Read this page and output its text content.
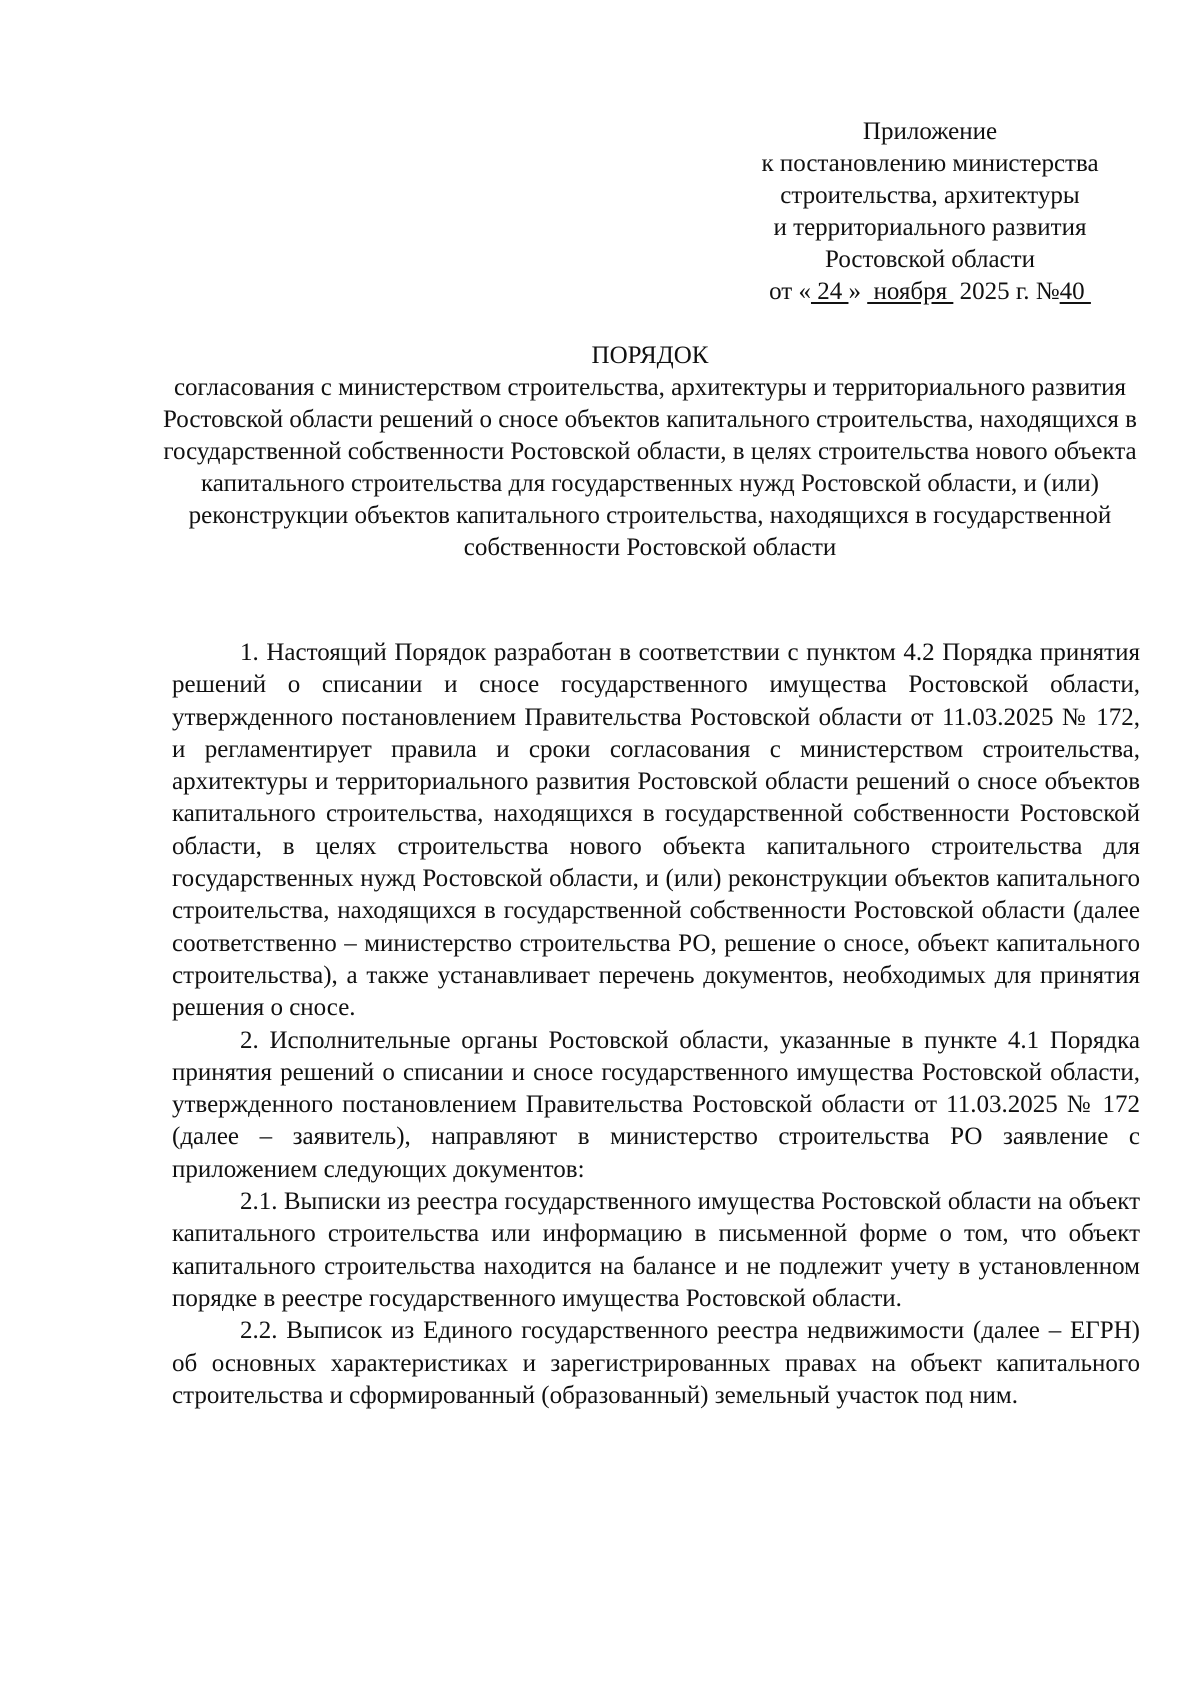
Приложение
к постановлению министерства
строительства, архитектуры
и территориального развития
Ростовской области
от « 24 »  ноября  2025 г. №40
ПОРЯДОК
согласования с министерством строительства, архитектуры и территориального развития Ростовской области решений о сносе объектов капитального строительства, находящихся в государственной собственности Ростовской области, в целях строительства нового объекта капитального строительства для государственных нужд Ростовской области, и (или) реконструкции объектов капитального строительства, находящихся в государственной собственности Ростовской области

1. Настоящий Порядок разработан в соответствии с пунктом 4.2 Порядка принятия решений о списании и сносе государственного имущества Ростовской области, утвержденного постановлением Правительства Ростовской области от 11.03.2025 № 172, и регламентирует правила и сроки согласования с министерством строительства, архитектуры и территориального развития Ростовской области решений о сносе объектов капитального строительства, находящихся в государственной собственности Ростовской области, в целях строительства нового объекта капитального строительства для государственных нужд Ростовской области, и (или) реконструкции объектов капитального строительства, находящихся в государственной собственности Ростовской области (далее соответственно – министерство строительства РО, решение о сносе, объект капитального строительства), а также устанавливает перечень документов, необходимых для принятия решения о сносе.

2. Исполнительные органы Ростовской области, указанные в пункте 4.1 Порядка принятия решений о списании и сносе государственного имущества Ростовской области, утвержденного постановлением Правительства Ростовской области от 11.03.2025 № 172 (далее – заявитель), направляют в министерство строительства РО заявление с приложением следующих документов:

2.1. Выписки из реестра государственного имущества Ростовской области на объект капитального строительства или информацию в письменной форме о том, что объект капитального строительства находится на балансе и не подлежит учету в установленном порядке в реестре государственного имущества Ростовской области.

2.2. Выписок из Единого государственного реестра недвижимости (далее – ЕГРН) об основных характеристиках и зарегистрированных правах на объект капитального строительства и сформированный (образованный) земельный участок под ним.
